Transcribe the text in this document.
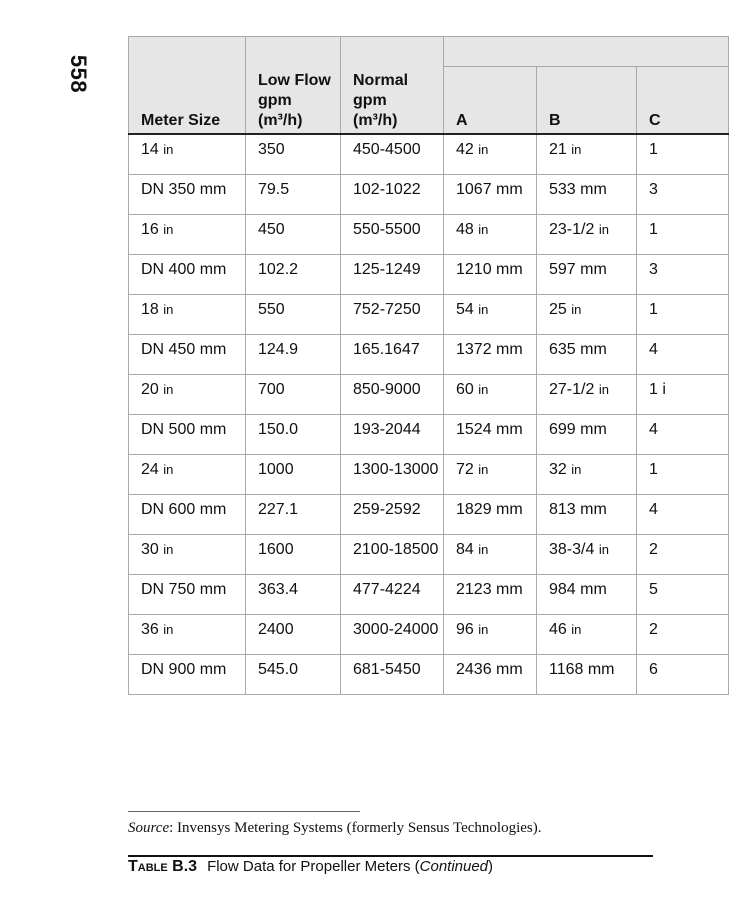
558
Meter Size	Low Flow
gpm
(m³/h)	Normal
gpm
(m³/h)			
			A	B	C
14 in	350	450-4500	42 in	21 in	1
DN 350 mm	79.5	102-1022	1067 mm	533 mm	3
16 in	450	550-5500	48 in	23-1/2 in	1
DN 400 mm	102.2	125-1249	1210 mm	597 mm	3
18 in	550	752-7250	54 in	25 in	1
DN 450 mm	124.9	165.1647	1372 mm	635 mm	4
20 in	700	850-9000	60 in	27-1/2 in	1 i
DN 500 mm	150.0	193-2044	1524 mm	699 mm	4
24 in	1000	1300-13000	72 in	32 in	1
DN 600 mm	227.1	259-2592	1829 mm	813 mm	4
30 in	1600	2100-18500	84 in	38-3/4 in	2
DN 750 mm	363.4	477-4224	2123 mm	984 mm	5
36 in	2400	3000-24000	96 in	46 in	2
DN 900 mm	545.0	681-5450	2436 mm	1168 mm	6
Source: Invensys Metering Systems (formerly Sensus Technologies).
Table B.3 Flow Data for Propeller Meters (Continued)
